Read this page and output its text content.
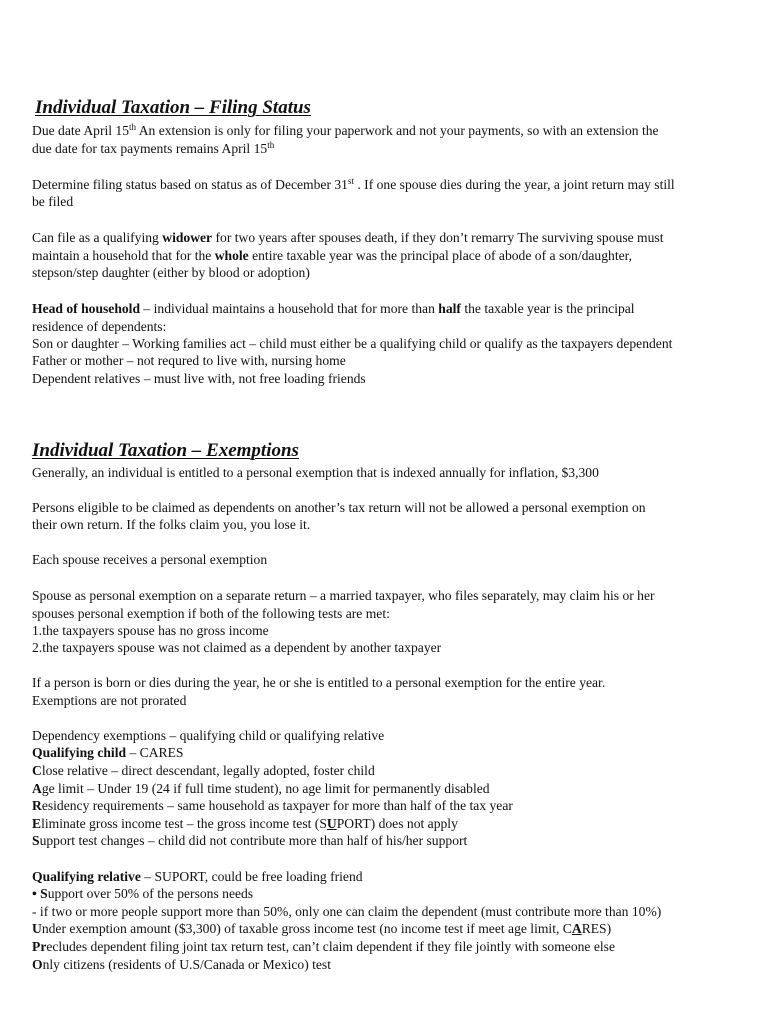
Individual Taxation – Filing Status
Due date April 15th An extension is only for filing your paperwork and not your payments, so with an extension the
due date for tax payments remains April 15th
Determine filing status based on status as of December 31st . If one spouse dies during the year, a joint return may still
be filed
Can file as a qualifying widower for two years after spouses death, if they don’t remarry The surviving spouse must
maintain a household that for the whole entire taxable year was the principal place of abode of a son/daughter,
stepson/step daughter (either by blood or adoption)
Head of household – individual maintains a household that for more than half the taxable year is the principal
residence of dependents:
Son or daughter – Working families act – child must either be a qualifying child or qualify as the taxpayers dependent
Father or mother – not requred to live with, nursing home
Dependent relatives – must live with, not free loading friends
Individual Taxation – Exemptions
Generally, an individual is entitled to a personal exemption that is indexed annually for inflation, $3,300
Persons eligible to be claimed as dependents on another’s tax return will not be allowed a personal exemption on
their own return. If the folks claim you, you lose it.
Each spouse receives a personal exemption
Spouse as personal exemption on a separate return – a married taxpayer, who files separately, may claim his or her
spouses personal exemption if both of the following tests are met:
1.the taxpayers spouse has no gross income
2.the taxpayers spouse was not claimed as a dependent by another taxpayer
If a person is born or dies during the year, he or she is entitled to a personal exemption for the entire year.
Exemptions are not prorated
Dependency exemptions – qualifying child or qualifying relative
Qualifying child – CARES
Close relative – direct descendant, legally adopted, foster child
Age limit – Under 19 (24 if full time student), no age limit for permanently disabled
Residency requirements – same household as taxpayer for more than half of the tax year
Eliminate gross income test – the gross income test (SUPORT) does not apply
Support test changes – child did not contribute more than half of his/her support
Qualifying relative – SUPORT, could be free loading friend
• Support over 50% of the persons needs
- if two or more people support more than 50%, only one can claim the dependent (must contribute more than 10%)
Under exemption amount ($3,300) of taxable gross income test (no income test if meet age limit, CARES)
Precludes dependent filing joint tax return test, can’t claim dependent if they file jointly with someone else
Only citizens (residents of U.S/Canada or Mexico) test
